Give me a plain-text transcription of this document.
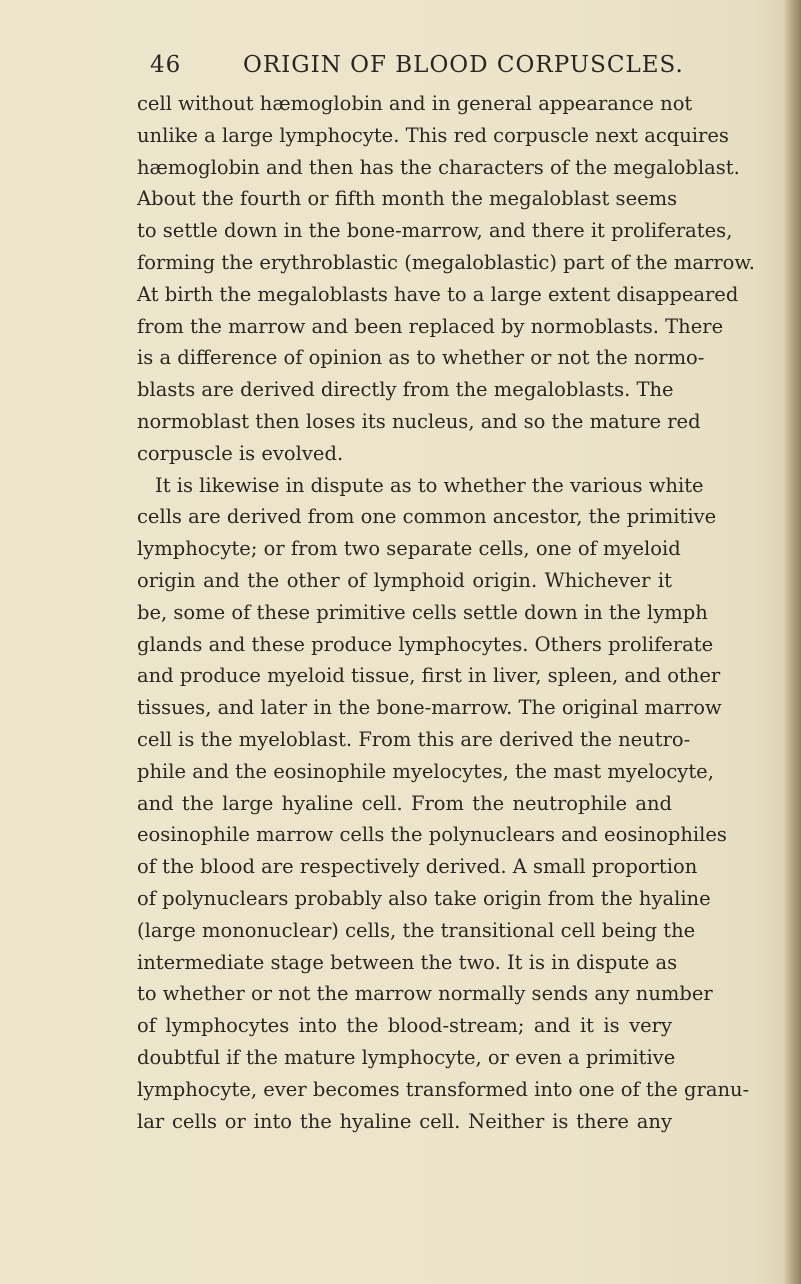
46	ORIGIN OF BLOOD CORPUSCLES.
cell without hæmoglobin and in general appearance not
unlike a large lymphocyte. This red corpuscle next acquires
hæmoglobin and then has the characters of the megaloblast.
About the fourth or fifth month the megaloblast seems
to settle down in the bone-marrow, and there it proliferates,
forming the erythroblastic (megaloblastic) part of the marrow.
At birth the megaloblasts have to a large extent disappeared
from the marrow and been replaced by normoblasts. There
is a difference of opinion as to whether or not the normo-
blasts are derived directly from the megaloblasts. The
normoblast then loses its nucleus, and so the mature red
corpuscle is evolved.
It is likewise in dispute as to whether the various white
cells are derived from one common ancestor, the primitive
lymphocyte; or from two separate cells, one of myeloid
origin and the other of lymphoid origin. Whichever it
be, some of these primitive cells settle down in the lymph
glands and these produce lymphocytes. Others proliferate
and produce myeloid tissue, first in liver, spleen, and other
tissues, and later in the bone-marrow. The original marrow
cell is the myeloblast. From this are derived the neutro-
phile and the eosinophile myelocytes, the mast myelocyte,
and the large hyaline cell. From the neutrophile and
eosinophile marrow cells the polynuclears and eosinophiles
of the blood are respectively derived. A small proportion
of polynuclears probably also take origin from the hyaline
(large mononuclear) cells, the transitional cell being the
intermediate stage between the two. It is in dispute as
to whether or not the marrow normally sends any number
of lymphocytes into the blood-stream; and it is very
doubtful if the mature lymphocyte, or even a primitive
lymphocyte, ever becomes transformed into one of the granu-
lar cells or into the hyaline cell. Neither is there any
